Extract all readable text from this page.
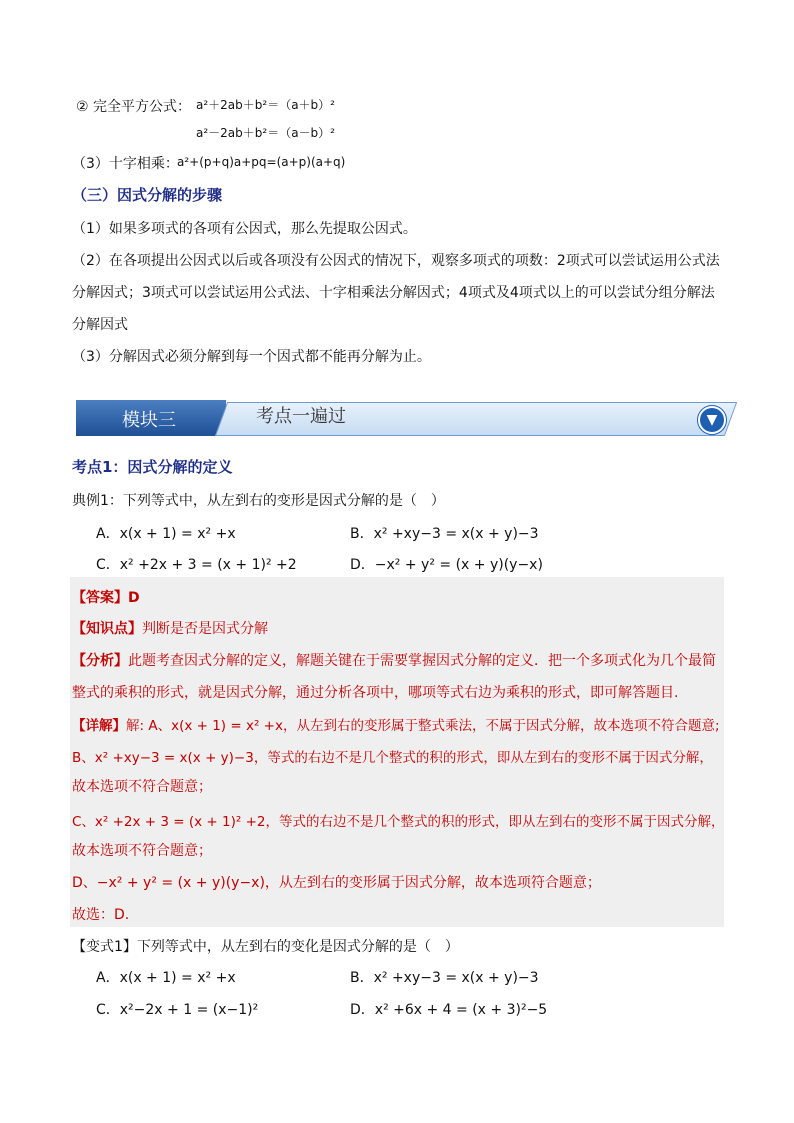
② 完全平方公式： a²＋2ab＋b²＝（a＋b）²
a²－2ab＋b²＝（a－b）²
（3）十字相乘：
a²+(p+q)a+pq=(a+p)(a+q)
（三）因式分解的步骤
（1）如果多项式的各项有公因式，那么先提取公因式。
（2）在各项提出公因式以后或各项没有公因式的情况下，观察多项式的项数：2项式可以尝试运用公式法
分解因式；3项式可以尝试运用公式法、十字相乘法分解因式；4项式及4项式以上的可以尝试分组分解法
分解因式
（3）分解因式必须分解到每一个因式都不能再分解为止。
模块三	考点一遍过	▼
考点1：因式分解的定义
典例1：下列等式中，从左到右的变形是因式分解的是（　）
A．x(x + 1) = x² +x	B．x² +xy−3 = x(x + y)−3
C．x² +2x + 3 = (x + 1)² +2	D．−x² + y² = (x + y)(y−x)
【答案】D
【知识点】判断是否是因式分解
【分析】此题考查因式分解的定义，解题关键在于需要掌握因式分解的定义．把一个多项式化为几个最简
整式的乘积的形式，就是因式分解，通过分析各项中，哪项等式右边为乘积的形式，即可解答题目.
【详解】解: A、x(x + 1) = x² +x，从左到右的变形属于整式乘法，不属于因式分解，故本选项不符合题意;
B、x² +xy−3 = x(x + y)−3，等式的右边不是几个整式的积的形式，即从左到右的变形不属于因式分解，
故本选项不符合题意；
C、x² +2x + 3 = (x + 1)² +2，等式的右边不是几个整式的积的形式，即从左到右的变形不属于因式分解，
故本选项不符合题意；
D、−x² + y² = (x + y)(y−x)，从左到右的变形属于因式分解，故本选项符合题意；
故选：D.
【变式1】下列等式中，从左到右的变化是因式分解的是（　）
A．x(x + 1) = x² +x	B．x² +xy−3 = x(x + y)−3
C．x²−2x + 1 = (x−1)²	D．x² +6x + 4 = (x + 3)²−5
